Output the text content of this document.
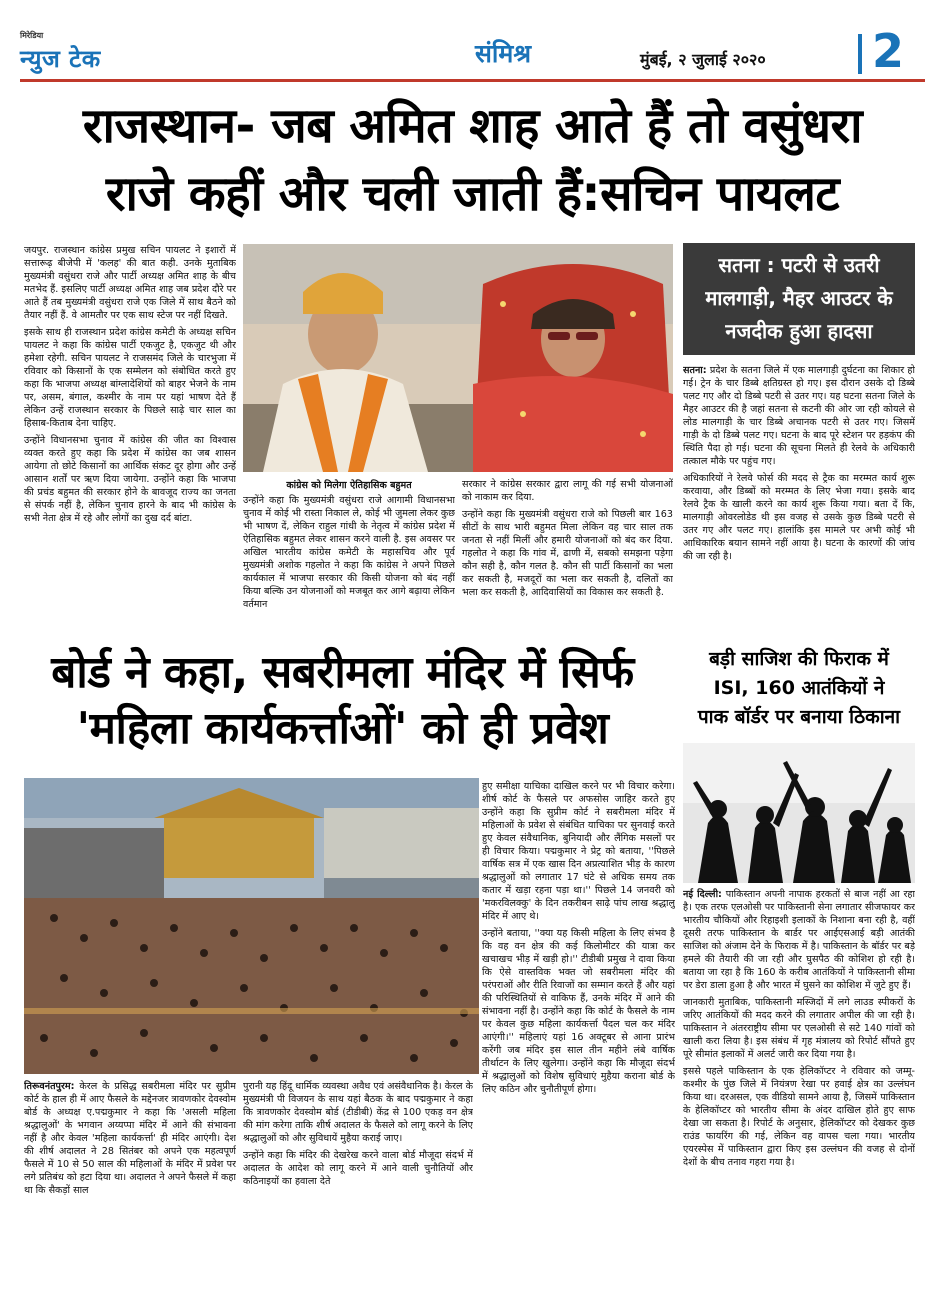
मिरेडिया
न्युज टेक	संमिश्र	मुंबई, २ जुलाई २०२० 2
राजस्थान- जब अमित शाह आते हैं तो वसुंधरा
राजे कहीं और चली जाती हैं:सचिन पायलट

जयपुर. राजस्थान कांग्रेस प्रमुख सचिन पायलट ने इशारों में सत्तारूढ़ बीजेपी में 'कलह' की बात कही. उनके मुताबिक मुख्यमंत्री वसुंधरा राजे और पार्टी अध्यक्ष अमित शाह के बीच मतभेद हैं. इसलिए पार्टी अध्यक्ष अमित शाह जब प्रदेश दौरे पर आते हैं तब मुख्यमंत्री वसुंधरा राजे एक जिले में साथ बैठने को तैयार नहीं हैं. वे आमतौर पर एक साथ स्टेज पर नहीं दिखते.

इसके साथ ही राजस्थान प्रदेश कांग्रेस कमेटी के अध्यक्ष सचिन पायलट ने कहा कि कांग्रेस पार्टी एकजुट है, एकजुट थी और हमेशा रहेगी. सचिन पायलट ने राजसमंद जिले के चारभुजा में रविवार को किसानों के एक सम्मेलन को संबोधित करते हुए कहा कि भाजपा अध्यक्ष बांग्लादेशियों को बाहर भेजने के नाम पर, असम, बंगाल, कश्मीर के नाम पर यहां भाषण देते हैं लेकिन उन्हें राजस्थान सरकार के पिछले साढ़े चार साल का हिसाब-किताब देना चाहिए.

उन्होंने विधानसभा चुनाव में कांग्रेस की जीत का विश्वास व्यक्त करते हुए कहा कि प्रदेश में कांग्रेस का जब शासन आयेगा तो छोटे किसानों का आर्थिक संकट दूर होगा और उन्हें आसान शर्तों पर ऋण दिया जायेगा. उन्होंने कहा कि भाजपा की प्रचंड बहुमत की सरकार होने के बावजूद राज्य का जनता से संपर्क नहीं है, लेकिन चुनाव हारने के बाद भी कांग्रेस के सभी नेता क्षेत्र में रहे और लोगों का दुख दर्द बांटा.

कांग्रेस को मिलेगा ऐतिहासिक बहुमत

उन्होंने कहा कि मुख्यमंत्री वसुंधरा राजे आगामी विधानसभा चुनाव में कोई भी रास्ता निकाल ले, कोई भी जुमला लेकर कुछ भी भाषण दें, लेकिन राहुल गांधी के नेतृत्व में कांग्रेस प्रदेश में ऐतिहासिक बहुमत लेकर शासन करने वाली है. इस अवसर पर अखिल भारतीय कांग्रेस कमेटी के महासचिव और पूर्व मुख्यमंत्री अशोक गहलोत ने कहा कि कांग्रेस ने अपने पिछले कार्यकाल में भाजपा सरकार की किसी योजना को बंद नहीं किया बल्कि उन योजनाओं को मजबूत कर आगे बढ़ाया लेकिन वर्तमान

सरकार ने कांग्रेस सरकार द्वारा लागू की गई सभी योजनाओं को नाकाम कर दिया.

उन्होंने कहा कि मुख्यमंत्री वसुंधरा राजे को पिछली बार 163 सीटों के साथ भारी बहुमत मिला लेकिन वह चार साल तक जनता से नहीं मिलीं और हमारी योजनाओं को बंद कर दिया. गहलोत ने कहा कि गांव में, ढाणी में, सबको समझना पड़ेगा कौन सही है, कौन गलत है. कौन सी पार्टी किसानों का भला कर सकती है, मजदूरों का भला कर सकती है, दलितों का भला कर सकती है, आदिवासियों का विकास कर सकती है.

सतना : पटरी से उतरी
मालगाड़ी, मैहर आउटर के
नजदीक हुआ हादसा

सतना: प्रदेश के सतना जिले में एक मालगाड़ी दुर्घटना का शिकार हो गई। ट्रेन के चार डिब्बे क्षतिग्रस्त हो गए। इस दौरान उसके दो डिब्बे पलट गए और दो डिब्बे पटरी से उतर गए। यह घटना सतना जिले के मैहर आउटर की है जहां सतना से कटनी की ओर जा रही कोयले से लोड मालगाड़ी के चार डिब्बे अचानक पटरी से उतर गए। जिसमें गाड़ी के दो डिब्बे पलट गए। घटना के बाद पूरे स्टेशन पर हड़कंप की स्थिति पैदा हो गई। घटना की सूचना मिलते ही रेलवे के अधिकारी तत्काल मौके पर पहुंच गए।

अधिकारियों ने रेलवे फोर्स की मदद से ट्रैक का मरम्मत कार्य शुरू करवाया, और डिब्बों को मरम्मत के लिए भेजा गया। इसके बाद रेलवे ट्रैक के खाली करने का कार्य शुरू किया गया। बता दें कि, मालगाड़ी ओवरलोडेड थी इस वजह से उसके कुछ डिब्बे पटरी से उतर गए और पलट गए। हालांकि इस मामले पर अभी कोई भी आधिकारिक बयान सामने नहीं आया है। घटना के कारणों की जांच की जा रही है।

बोर्ड ने कहा, सबरीमला मंदिर में सिर्फ
'महिला कार्यकर्त्ताओं' को ही प्रवेश
बड़ी साजिश की फिराक में
ISI, 160 आतंकियों ने
पाक बॉर्डर पर बनाया ठिकाना

तिरूवनंतपुरम: केरल के प्रसिद्ध सबरीमला मंदिर पर सुप्रीम कोर्ट के हाल ही में आए फैसले के मद्देनजर त्रावणकोर देवस्वोम बोर्ड के अध्यक्ष ए.पद्मकुमार ने कहा कि 'असली महिला श्रद्धालुओं' के भगवान अय्यप्पा मंदिर में आने की संभावना नहीं है और केवल 'महिला कार्यकर्त्ता' ही मंदिर आएंगी। देश की शीर्ष अदालत ने 28 सितंबर को अपने एक महत्वपूर्ण फैसले में 10 से 50 साल की महिलाओं के मंदिर में प्रवेश पर लगे प्रतिबंध को हटा दिया था। अदालत ने अपने फैसले में कहा था कि सैकड़ों साल

पुरानी यह हिंदू धार्मिक व्यवस्था अवैध एवं असंवैधानिक है। केरल के मुख्यमंत्री पी विजयन के साथ यहां बैठक के बाद पद्मकुमार ने कहा कि त्रावणकोर देवस्वोम बोर्ड (टीडीबी) केंद्र से 100 एकड़ वन क्षेत्र की मांग करेगा ताकि शीर्ष अदालत के फैसले को लागू करने के लिए श्रद्धालुओं को और सुविधायें मुहैया कराई जाए।

उन्होंने कहा कि मंदिर की देखरेख करने वाला बोर्ड मौजूदा संदर्भ में अदालत के आदेश को लागू करने में आने वाली चुनौतियों और कठिनाइयों का हवाला देते

हुए समीक्षा याचिका दाखिल करने पर भी विचार करेगा। शीर्ष कोर्ट के फैसले पर अफसोस जाहिर करते हुए उन्होंने कहा कि सुप्रीम कोर्ट ने सबरीमला मंदिर में महिलाओं के प्रवेश से संबंधित याचिका पर सुनवाई करते हुए केवल संवैधानिक, बुनियादी और लैंगिक मसलों पर ही विचार किया। पद्मकुमार ने प्रेट्र को बताया, ''पिछले वार्षिक सत्र में एक खास दिन अप्रत्याशित भीड़ के कारण श्रद्धालुओं को लगातार 17 घंटे से अधिक समय तक कतार में खड़ा रहना पड़ा था।'' पिछले 14 जनवरी को 'मकरविलक्कु' के दिन तकरीबन साढ़े पांच लाख श्रद्धालु मंदिर में आए थे।

उन्होंने बताया, ''क्या यह किसी महिला के लिए संभव है कि वह वन क्षेत्र की कई किलोमीटर की यात्रा कर खचाखच भीड़ में खड़ी हो।'' टीडीबी प्रमुख ने दावा किया कि ऐसे वास्तविक भक्त जो सबरीमला मंदिर की परंपराओं और रीति रिवाजों का सम्मान करते हैं और यहां की परिस्थितियों से वाकिफ हैं, उनके मंदिर में आने की संभावना नहीं है। उन्होंने कहा कि कोर्ट के फैसले के नाम पर केवल कुछ महिला कार्यकर्त्ता पैदल चल कर मंदिर आएंगी।'' महिलाएं यहां 16 अक्टूबर से आना प्रारंभ करेंगी जब मंदिर इस साल तीन महीने लंबे वार्षिक तीर्थाटन के लिए खुलेगा। उन्होंने कहा कि मौजूदा संदर्भ में श्रद्धालुओं को विशेष सुविधाएं मुहैया कराना बोर्ड के लिए कठिन और चुनौतीपूर्ण होगा।

नई दिल्ली: पाकिस्तान अपनी नापाक हरकतों से बाज नहीं आ रहा है। एक तरफ एलओसी पर पाकिस्तानी सेना लगातार सीजफायर कर भारतीय चौकियों और रिहाइशी इलाकों के निशाना बना रही है, वहीं दूसरी तरफ पाकिस्तान के बार्डर पर आईएसआई बड़ी आतंकी साजिश को अंजाम देने के फिराक में है। पाकिस्तान के बॉर्डर पर बड़े हमले की तैयारी की जा रही और घुसपैठ की कोशिश हो रही है। बताया जा रहा है कि 160 के करीब आतंकियों ने पाकिस्तानी सीमा पर डेरा डाला हुआ है और भारत में घुसने का कोशिश में जुटे हुए हैं।

जानकारी मुताबिक, पाकिस्तानी मस्जिदों में लगे लाउड स्पीकरों के जरिए आतंकियों की मदद करने की लगातार अपील की जा रही है। पाकिस्तान ने अंतरराष्ट्रीय सीमा पर एलओसी से सटे 140 गांवों को खाली करा लिया है। इस संबंध में गृह मंत्रालय को रिपोर्ट सौंपते हुए पूरे सीमांत इलाकों में अलर्ट जारी कर दिया गया है।

इससे पहले पाकिस्तान के एक हेलिकॉप्टर ने रविवार को जम्मू-कश्मीर के पुंछ जिले में नियंत्रण रेखा पर हवाई क्षेत्र का उल्लंघन किया था। दरअसल, एक वीडियो सामने आया है, जिसमें पाकिस्तान के हेलिकॉप्टर को भारतीय सीमा के अंदर दाखिल होते हुए साफ देखा जा सकता है। रिपोर्ट के अनुसार, हेलिकॉप्टर को देखकर कुछ राउंड फायरिंग की गई, लेकिन वह वापस चला गया। भारतीय एयरस्पेस में पाकिस्तान द्वारा किए इस उल्लंघन की वजह से दोनों देशों के बीच तनाव गहरा गया है।
